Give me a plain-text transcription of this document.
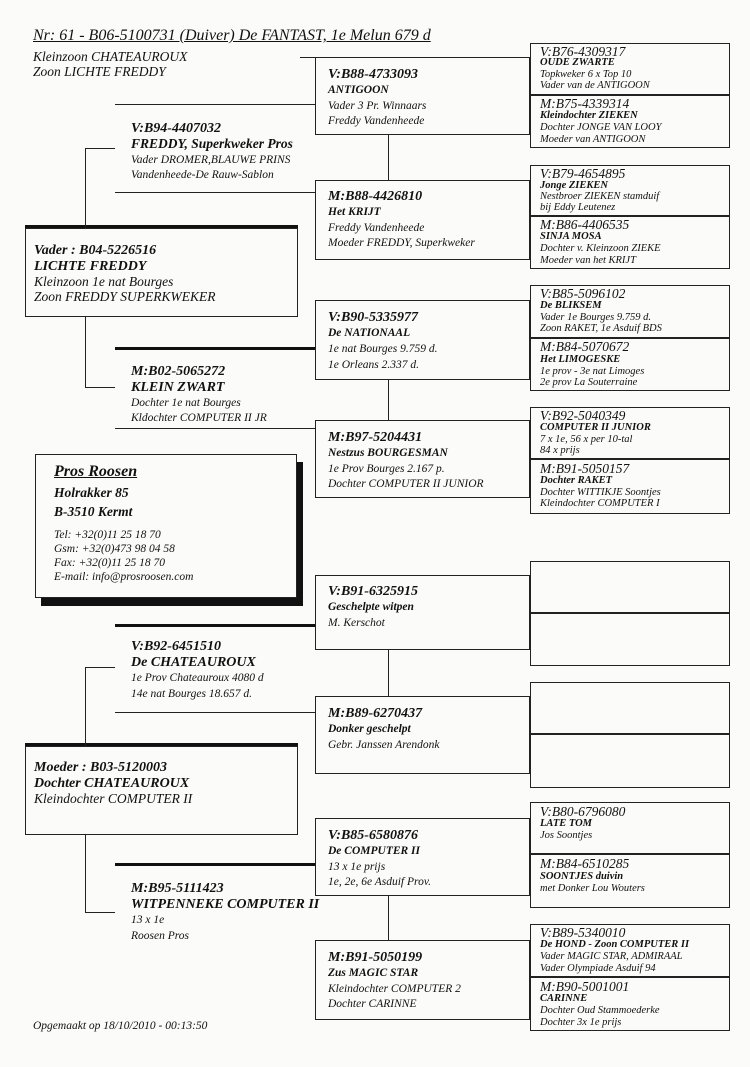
Nr: 61 - B06-5100731 (Duiver) De FANTAST, 1e Melun 679 d
Kleinzoon CHATEAUROUX
Zoon LICHTE FREDDY
Vader : B04-5226516
LICHTE FREDDY
Kleinzoon 1e nat Bourges
Zoon FREDDY SUPERKWEKER
Moeder : B03-5120003
Dochter CHATEAUROUX
Kleindochter COMPUTER II
V:B94-4407032
FREDDY, Superkweker Pros
Vader DROMER,BLAUWE PRINS
Vandenheede-De Rauw-Sablon
M:B02-5065272
KLEIN ZWART
Dochter 1e nat Bourges
Kldochter COMPUTER II JR
V:B92-6451510
De CHATEAUROUX
1e Prov Chateauroux 4080 d
14e nat Bourges 18.657 d.
M:B95-5111423
WITPENNEKE COMPUTER II
13 x 1e
Roosen Pros
V:B88-4733093
ANTIGOON
Vader 3 Pr. Winnaars
Freddy Vandenheede
M:B88-4426810
Het KRIJT
Freddy Vandenheede
Moeder FREDDY, Superkweker
V:B90-5335977
De NATIONAAL
1e nat Bourges 9.759 d.
1e Orleans 2.337 d.
M:B97-5204431
Nestzus BOURGESMAN
1e Prov Bourges 2.167 p.
Dochter COMPUTER II JUNIOR
V:B91-6325915
Geschelpte witpen
M. Kerschot
M:B89-6270437
Donker geschelpt
Gebr. Janssen Arendonk
V:B85-6580876
De COMPUTER II
13 x 1e prijs
1e, 2e, 6e Asduif Prov.
M:B91-5050199
Zus MAGIC STAR
Kleindochter COMPUTER 2
Dochter CARINNE
V:B76-4309317
OUDE ZWARTE
Topkweker 6 x Top 10
Vader van de ANTIGOON
M:B75-4339314
Kleindochter ZIEKEN
Dochter JONGE VAN LOOY
Moeder van ANTIGOON
V:B79-4654895
Jonge ZIEKEN
Nestbroer ZIEKEN stamduif
bij Eddy Leutenez
M:B86-4406535
SINJA MOSA
Dochter v. Kleinzoon ZIEKE
Moeder van het KRIJT
V:B85-5096102
De BLIKSEM
Vader 1e Bourges 9.759 d.
Zoon RAKET, 1e Asduif BDS
M:B84-5070672
Het LIMOGESKE
1e prov - 3e nat Limoges
2e prov La Souterraine
V:B92-5040349
COMPUTER II JUNIOR
7 x 1e, 56 x per 10-tal
84 x prijs
M:B91-5050157
Dochter RAKET
Dochter WITTIKJE Soontjes
Kleindochter COMPUTER I
V:B80-6796080
LATE TOM
Jos Soontjes
M:B84-6510285
SOONTJES duivin
met Donker Lou Wouters
V:B89-5340010
De HOND - Zoon COMPUTER II
Vader MAGIC STAR, ADMIRAAL
Vader Olympiade Asduif 94
M:B90-5001001
CARINNE
Dochter Oud Stammoederke
Dochter 3x 1e prijs
Pros Roosen
Holrakker 85
B-3510 Kermt
Tel: +32(0)11 25 18 70
Gsm: +32(0)473 98 04 58
Fax: +32(0)11 25 18 70
E-mail: info@prosroosen.com
Opgemaakt op 18/10/2010 - 00:13:50
